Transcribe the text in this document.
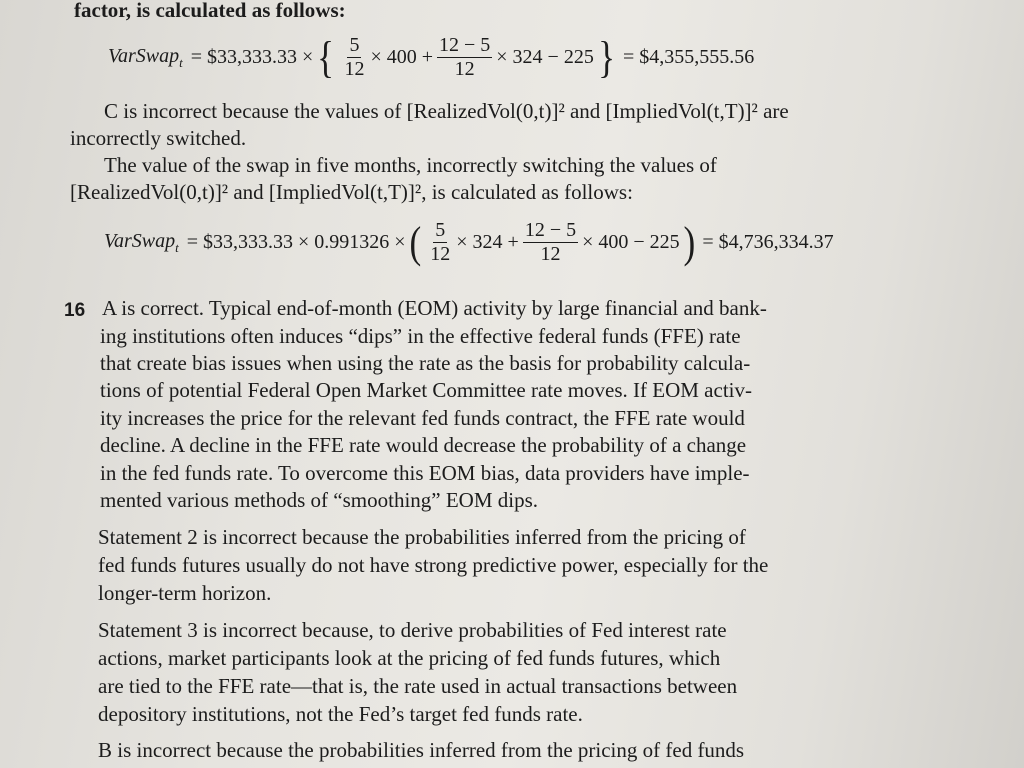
factor, is calculated as follows:
VarSwap$_t$ = $33,333.33 × { $\frac{5}{12} \times 400 + \frac{12 - 5}{12} \times 324 - 225$ } = $4,355,555.56
C is incorrect because the values of [RealizedVol(0,t)]² and [ImpliedVol(t,T)]² are
incorrectly switched.
The value of the swap in five months, incorrectly switching the values of
[RealizedVol(0,t)]² and [ImpliedVol(t,T)]², is calculated as follows:
VarSwap$_t$ = $33,333.33 × 0.991326 × ( $\frac{5}{12} \times 324 + \frac{12 - 5}{12} \times 400 - 225$ ) = $4,736,334.37
16 A is correct. Typical end-of-month (EOM) activity by large financial and bank-
ing institutions often induces “dips” in the effective federal funds (FFE) rate
that create bias issues when using the rate as the basis for probability calcula-
tions of potential Federal Open Market Committee rate moves. If EOM activ-
ity increases the price for the relevant fed funds contract, the FFE rate would
decline. A decline in the FFE rate would decrease the probability of a change
in the fed funds rate. To overcome this EOM bias, data providers have imple-
mented various methods of “smoothing” EOM dips.
Statement 2 is incorrect because the probabilities inferred from the pricing of
fed funds futures usually do not have strong predictive power, especially for the
longer-term horizon.
Statement 3 is incorrect because, to derive probabilities of Fed interest rate
actions, market participants look at the pricing of fed funds futures, which
are tied to the FFE rate—that is, the rate used in actual transactions between
depository institutions, not the Fed’s target fed funds rate.
B is incorrect because the probabilities inferred from the pricing of fed funds
